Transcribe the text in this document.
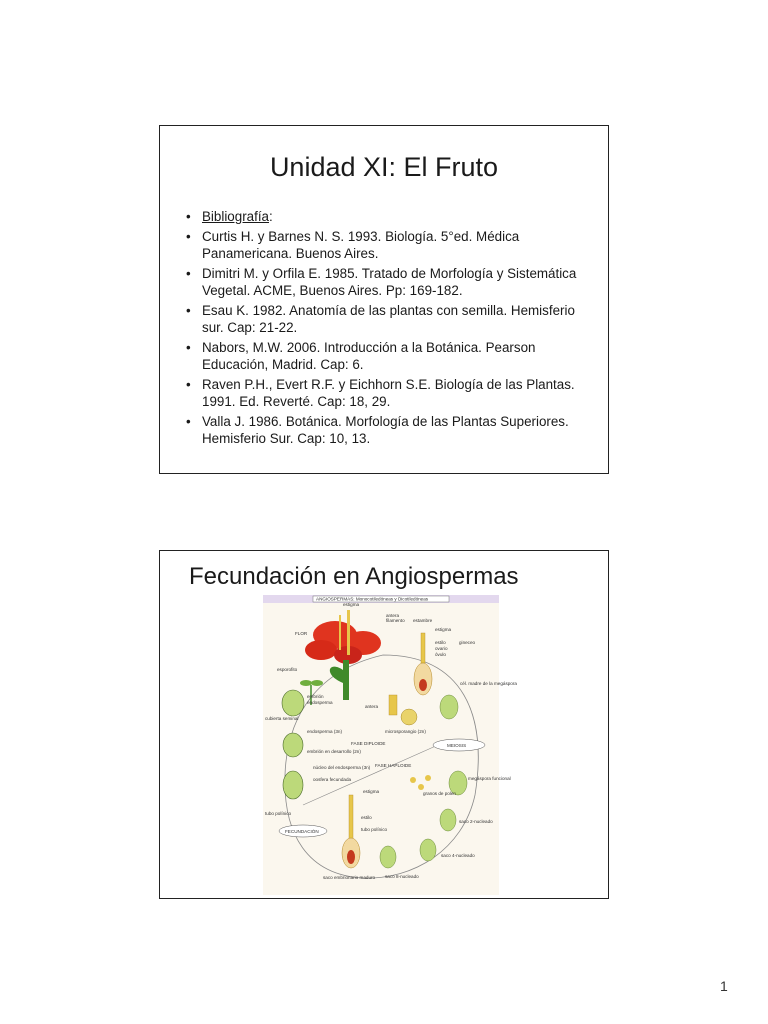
Unidad XI: El Fruto
• Bibliografía:
• Curtis H. y Barnes N. S. 1993. Biología. 5°ed. Médica Panamericana. Buenos Aires.
• Dimitri M. y Orfila E. 1985. Tratado de Morfología y Sistemática Vegetal. ACME, Buenos Aires. Pp: 169-182.
• Esau K. 1982. Anatomía de las plantas con semilla. Hemisferio sur. Cap: 21-22.
• Nabors, M.W. 2006. Introducción a la Botánica. Pearson Educación, Madrid. Cap: 6.
• Raven P.H., Evert R.F. y Eichhorn S.E. Biología de las Plantas. 1991. Ed. Reverté. Cap: 18, 29.
• Valla J. 1986. Botánica. Morfología de las Plantas Superiores. Hemisferio Sur. Cap: 10, 13.
Fecundación en Angiospermas
ANGIOSPERMAS: Monocotiledóneas y Dicotiledóneas
estigma
antera
filamento estambre
FLOR
estigma
estilo
ovario
óvulo
gineceo
esporofito
cél. madre de la megáspora
antera
microsporangio (2n)
embrión
endosperma
cubierta seminal
MEIOSIS
endosperma (3n)
embrión en desarrollo (2n)
FASE DIPLOIDE
FASE HAPLOIDE
núcleo del endosperma (3n)
oosfera fecundada	megáspora funcional
estigma	granos de polen
estilo
tubo polínico
tubo polínico
FECUNDACIÓN
saco 2-nucleado
saco 4-nucleado
saco 8-nucleado
saco embrionario maduro
1
